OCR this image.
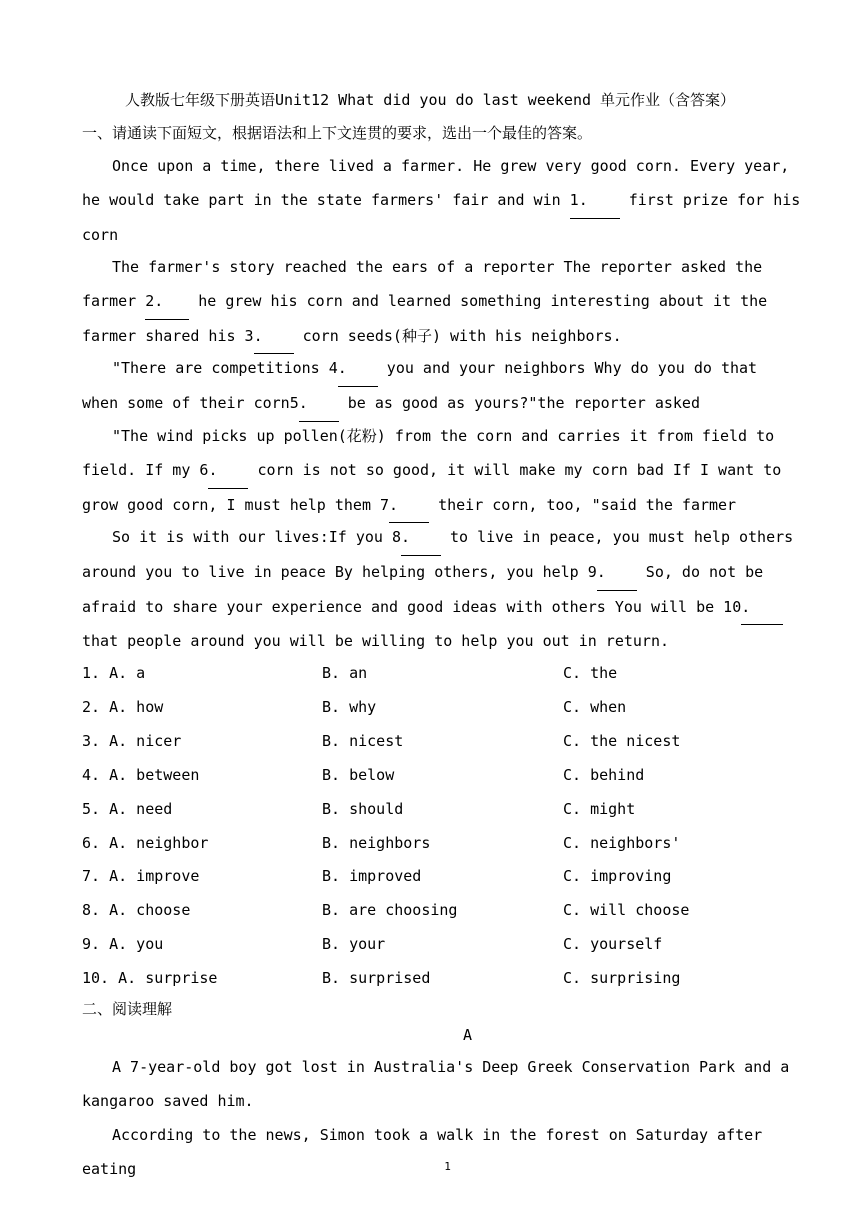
人教版七年级下册英语Unit12 What did you do last weekend 单元作业（含答案）
一、请通读下面短文，根据语法和上下文连贯的要求，选出一个最佳的答案。

Once upon a time, there lived a farmer. He grew very good corn. Every year, he would take part in the state farmers' fair and win 1. first prize for his corn

The farmer's story reached the ears of a reporter The reporter asked the farmer 2. he grew his corn and learned something interesting about it the farmer shared his 3. corn seeds(种子) with his neighbors.

"There are competitions 4. you and your neighbors Why do you do that when some of their corn5. be as good as yours?"the reporter asked

"The wind picks up pollen(花粉) from the corn and carries it from field to field. If my 6. corn is not so good, it will make my corn bad If I want to grow good corn, I must help them 7. their corn, too, "said the farmer

So it is with our lives:If you 8. to live in peace, you must help others around you to live in peace By helping others, you help 9. So, do not be afraid to share your experience and good ideas with others You will be 10. that people around you will be willing to help you out in return.

1. A. a	B. an	C. the
2. A. how	B. why	C. when
3. A. nicer	B. nicest	C. the nicest
4. A. between	B. below	C. behind
5. A. need	B. should	C. might
6. A. neighbor	B. neighbors	C. neighbors'
7. A. improve	B. improved	C. improving
8. A. choose	B. are choosing	C. will choose
9. A. you	B. your	C. yourself
10. A. surprise	B. surprised	C. surprising
二、阅读理解
A

A 7-year-old boy got lost in Australia's Deep Greek Conservation Park and a kangaroo saved him.

According to the news, Simon took a walk in the forest on Saturday after eating	1
